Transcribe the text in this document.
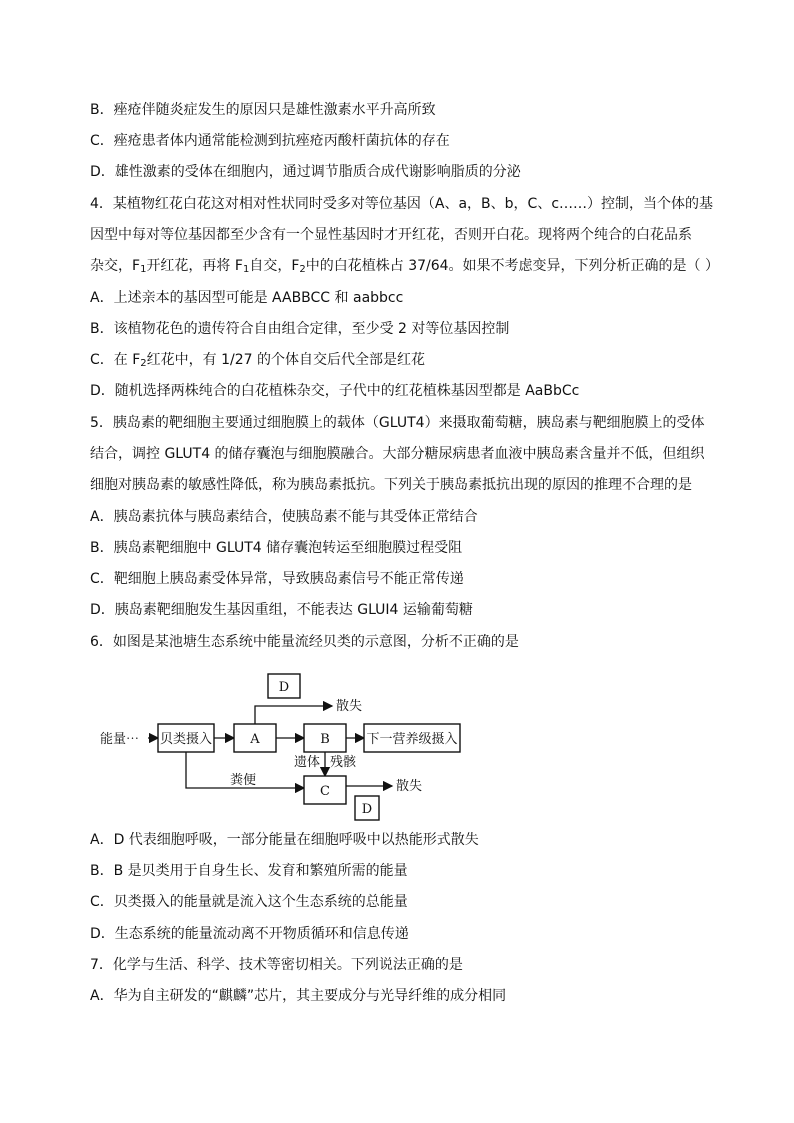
B．痤疮伴随炎症发生的原因只是雄性激素水平升高所致
C．痤疮患者体内通常能检测到抗痤疮丙酸杆菌抗体的存在
D．雄性激素的受体在细胞内，通过调节脂质合成代谢影响脂质的分泌
4．某植物红花白花这对相对性状同时受多对等位基因（A、a，B、b，C、c……）控制，当个体的基
因型中每对等位基因都至少含有一个显性基因时才开红花，否则开白花。现将两个纯合的白花品系
杂交，$F_1$开红花，再将 $F_1$自交，$F_2$中的白花植株占 37/64。如果不考虑变异，下列分析正确的是（ ）
A．上述亲本的基因型可能是 AABBCC 和 aabbcc
B．该植物花色的遗传符合自由组合定律，至少受 2 对等位基因控制
C．在 $F_2$红花中，有 1/27 的个体自交后代全部是红花
D．随机选择两株纯合的白花植株杂交，子代中的红花植株基因型都是 AaBbCc
5．胰岛素的靶细胞主要通过细胞膜上的载体（GLUT4）来摄取葡萄糖，胰岛素与靶细胞膜上的受体
结合，调控 GLUT4 的储存囊泡与细胞膜融合。大部分糖尿病患者血液中胰岛素含量并不低，但组织
细胞对胰岛素的敏感性降低，称为胰岛素抵抗。下列关于胰岛素抵抗出现的原因的推理不合理的是
A．胰岛素抗体与胰岛素结合，使胰岛素不能与其受体正常结合
B．胰岛素靶细胞中 GLUT4 储存囊泡转运至细胞膜过程受阻
C．靶细胞上胰岛素受体异常，导致胰岛素信号不能正常传递
D．胰岛素靶细胞发生基因重组，不能表达 GLUI4 运输葡萄糖
6．如图是某池塘生态系统中能量流经贝类的示意图，分析不正确的是
D
能量⋯ 贝类摄入	A
散失
B	下一营养级摄入
遗体 残骸
粪便
C	散失
D
A．D 代表细胞呼吸，一部分能量在细胞呼吸中以热能形式散失
B．B 是贝类用于自身生长、发育和繁殖所需的能量
C．贝类摄入的能量就是流入这个生态系统的总能量
D．生态系统的能量流动离不开物质循环和信息传递
7．化学与生活、科学、技术等密切相关。下列说法正确的是
A．华为自主研发的“麒麟”芯片，其主要成分与光导纤维的成分相同
